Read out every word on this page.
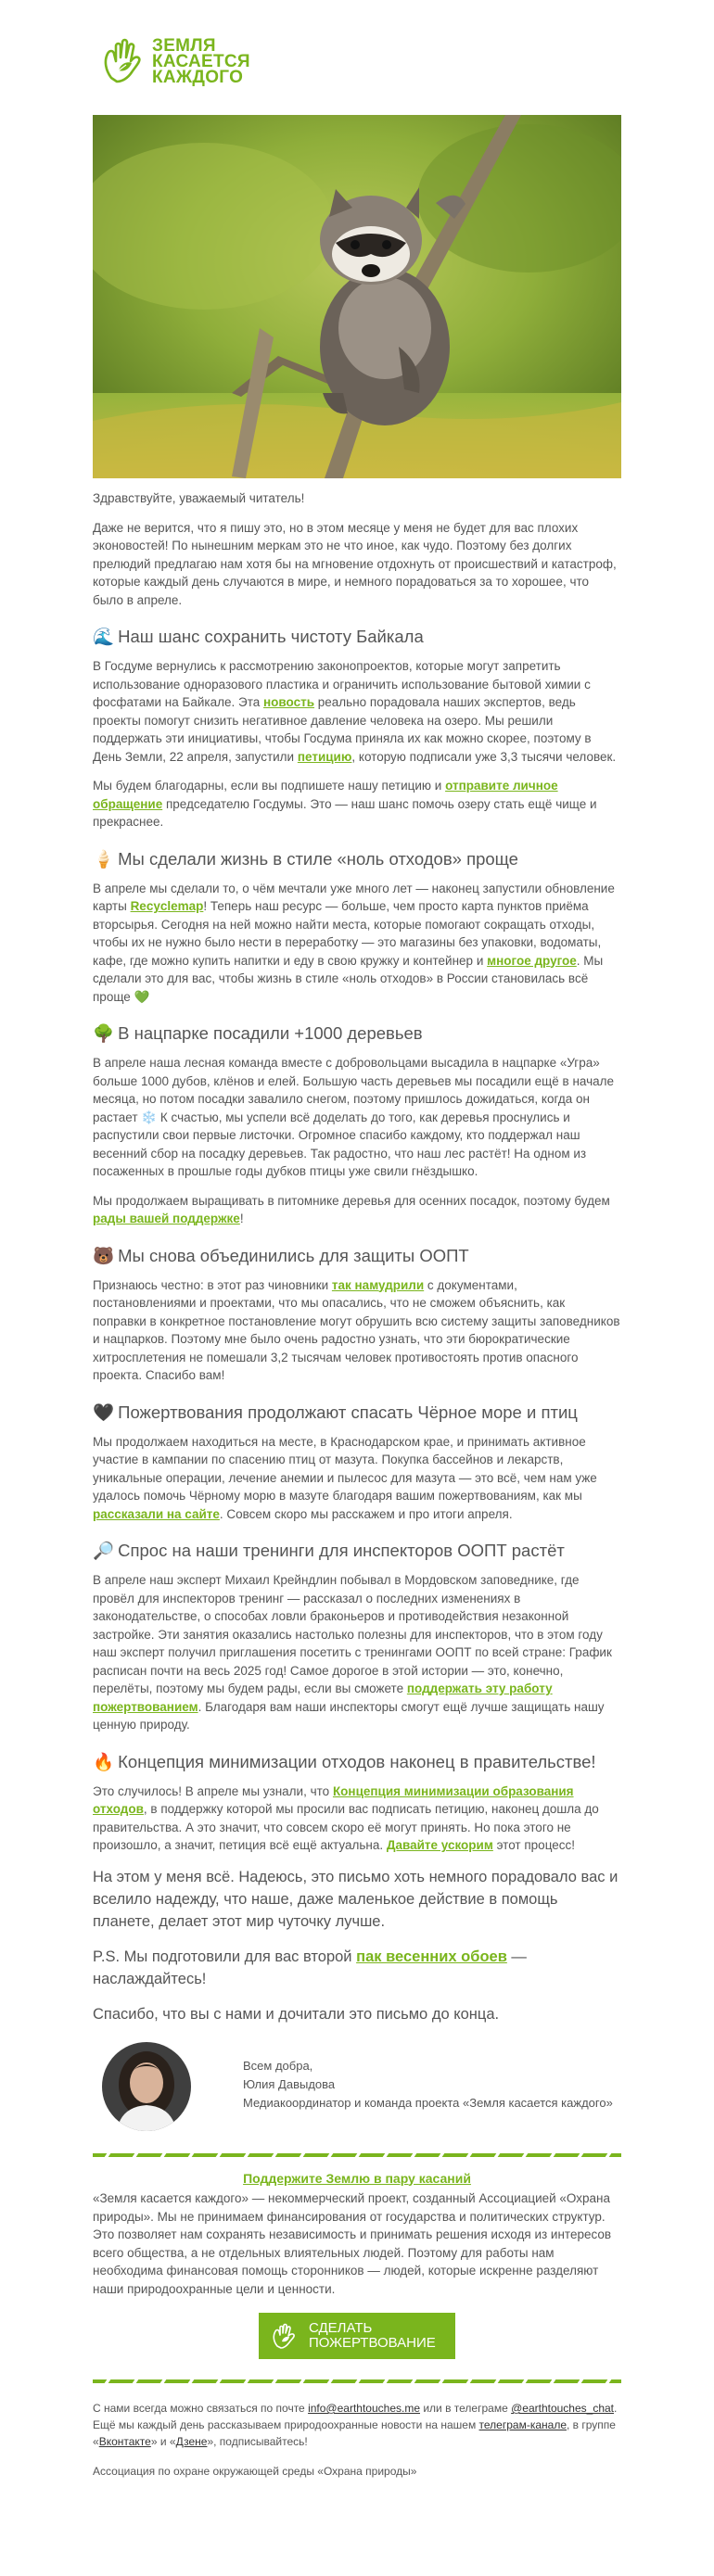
ЗЕМЛЯ
КАСАЕТСЯ
КАЖДОГО

Здравствуйте, уважаемый читатель!

Даже не верится, что я пишу это, но в этом месяце у меня не будет для вас плохих эконовостей! По нынешним меркам это не что иное, как чудо. Поэтому без долгих прелюдий предлагаю нам хотя бы на мгновение отдохнуть от происшествий и катастроф, которые каждый день случаются в мире, и немного порадоваться за то хорошее, что было в апреле.

🌊 Наш шанс сохранить чистоту Байкала

В Госдуме вернулись к рассмотрению законопроектов, которые могут запретить использование одноразового пластика и ограничить использование бытовой химии с фосфатами на Байкале. Эта новость реально порадовала наших экспертов, ведь проекты помогут снизить негативное давление человека на озеро. Мы решили поддержать эти инициативы, чтобы Госдума приняла их как можно скорее, поэтому в День Земли, 22 апреля, запустили петицию, которую подписали уже 3,3 тысячи человек.

Мы будем благодарны, если вы подпишете нашу петицию и отправите личное обращение председателю Госдумы. Это — наш шанс помочь озеру стать ещё чище и прекраснее.

🍦 Мы сделали жизнь в стиле «ноль отходов» проще

В апреле мы сделали то, о чём мечтали уже много лет — наконец запустили обновление карты Recyclemap! Теперь наш ресурс — больше, чем просто карта пунктов приёма вторсырья. Сегодня на ней можно найти места, которые помогают сокращать отходы, чтобы их не нужно было нести в переработку — это магазины без упаковки, водоматы, кафе, где можно купить напитки и еду в свою кружку и контейнер и многое другое. Мы сделали это для вас, чтобы жизнь в стиле «ноль отходов» в России становилась всё проще 💚

🌳 В нацпарке посадили +1000 деревьев

В апреле наша лесная команда вместе с добровольцами высадила в нацпарке «Угра» больше 1000 дубов, клёнов и елей. Большую часть деревьев мы посадили ещё в начале месяца, но потом посадки завалило снегом, поэтому пришлось дожидаться, когда он растает ❄️ К счастью, мы успели всё доделать до того, как деревья проснулись и распустили свои первые листочки. Огромное спасибо каждому, кто поддержал наш весенний сбор на посадку деревьев. Так радостно, что наш лес растёт! На одном из посаженных в прошлые годы дубков птицы уже свили гнёздышко.

Мы продолжаем выращивать в питомнике деревья для осенних посадок, поэтому будем рады вашей поддержке!

🐻 Мы снова объединились для защиты ООПТ

Признаюсь честно: в этот раз чиновники так намудрили с документами, постановлениями и проектами, что мы опасались, что не сможем объяснить, как поправки в конкретное постановление могут обрушить всю систему защиты заповедников и нацпарков. Поэтому мне было очень радостно узнать, что эти бюрократические хитросплетения не помешали 3,2 тысячам человек противостоять против опасного проекта. Спасибо вам!

🖤 Пожертвования продолжают спасать Чёрное море и птиц

Мы продолжаем находиться на месте, в Краснодарском крае, и принимать активное участие в кампании по спасению птиц от мазута. Покупка бассейнов и лекарств, уникальные операции, лечение анемии и пылесос для мазута — это всё, чем нам уже удалось помочь Чёрному морю в мазуте благодаря вашим пожертвованиям, как мы рассказали на сайте. Совсем скоро мы расскажем и про итоги апреля.

🔎 Спрос на наши тренинги для инспекторов ООПТ растёт

В апреле наш эксперт Михаил Крейндлин побывал в Мордовском заповеднике, где провёл для инспекторов тренинг — рассказал о последних изменениях в законодательстве, о способах ловли браконьеров и противодействия незаконной застройке. Эти занятия оказались настолько полезны для инспекторов, что в этом году наш эксперт получил приглашения посетить с тренингами ООПТ по всей стране: График расписан почти на весь 2025 год! Самое дорогое в этой истории — это, конечно, перелёты, поэтому мы будем рады, если вы сможете поддержать эту работу пожертвованием. Благодаря вам наши инспекторы смогут ещё лучше защищать нашу ценную природу.

🔥 Концепция минимизации отходов наконец в правительстве!

Это случилось! В апреле мы узнали, что Концепция минимизации образования отходов, в поддержку которой мы просили вас подписать петицию, наконец дошла до правительства. А это значит, что совсем скоро её могут принять. Но пока этого не произошло, а значит, петиция всё ещё актуальна. Давайте ускорим этот процесс!

На этом у меня всё. Надеюсь, это письмо хоть немного порадовало вас и вселило надежду, что наше, даже маленькое действие в помощь планете, делает этот мир чуточку лучше.

P.S. Мы подготовили для вас второй пак весенних обоев — наслаждайтесь!

Спасибо, что вы с нами и дочитали это письмо до конца.

Всем добра,
Юлия Давыдова
Медиакоординатор и команда проекта «Земля касается каждого»
Поддержите Землю в пару касаний
«Земля касается каждого» — некоммерческий проект, созданный Ассоциацией «Охрана природы». Мы не принимаем финансирования от государства и политических структур. Это позволяет нам сохранять независимость и принимать решения исходя из интересов всего общества, а не отдельных влиятельных людей. Поэтому для работы нам необходима финансовая помощь сторонников — людей, которые искренне разделяют наши природоохранные цели и ценности.
СДЕЛАТЬ
ПОЖЕРТВОВАНИЕ
С нами всегда можно связаться по почте info@earthtouches.me или в телеграме @earthtouches_chat. Ещё мы каждый день рассказываем природоохранные новости на нашем телеграм-канале, в группе «Вконтакте» и «Дзене», подписывайтесь!
Ассоциация по охране окружающей среды «Охрана природы»
